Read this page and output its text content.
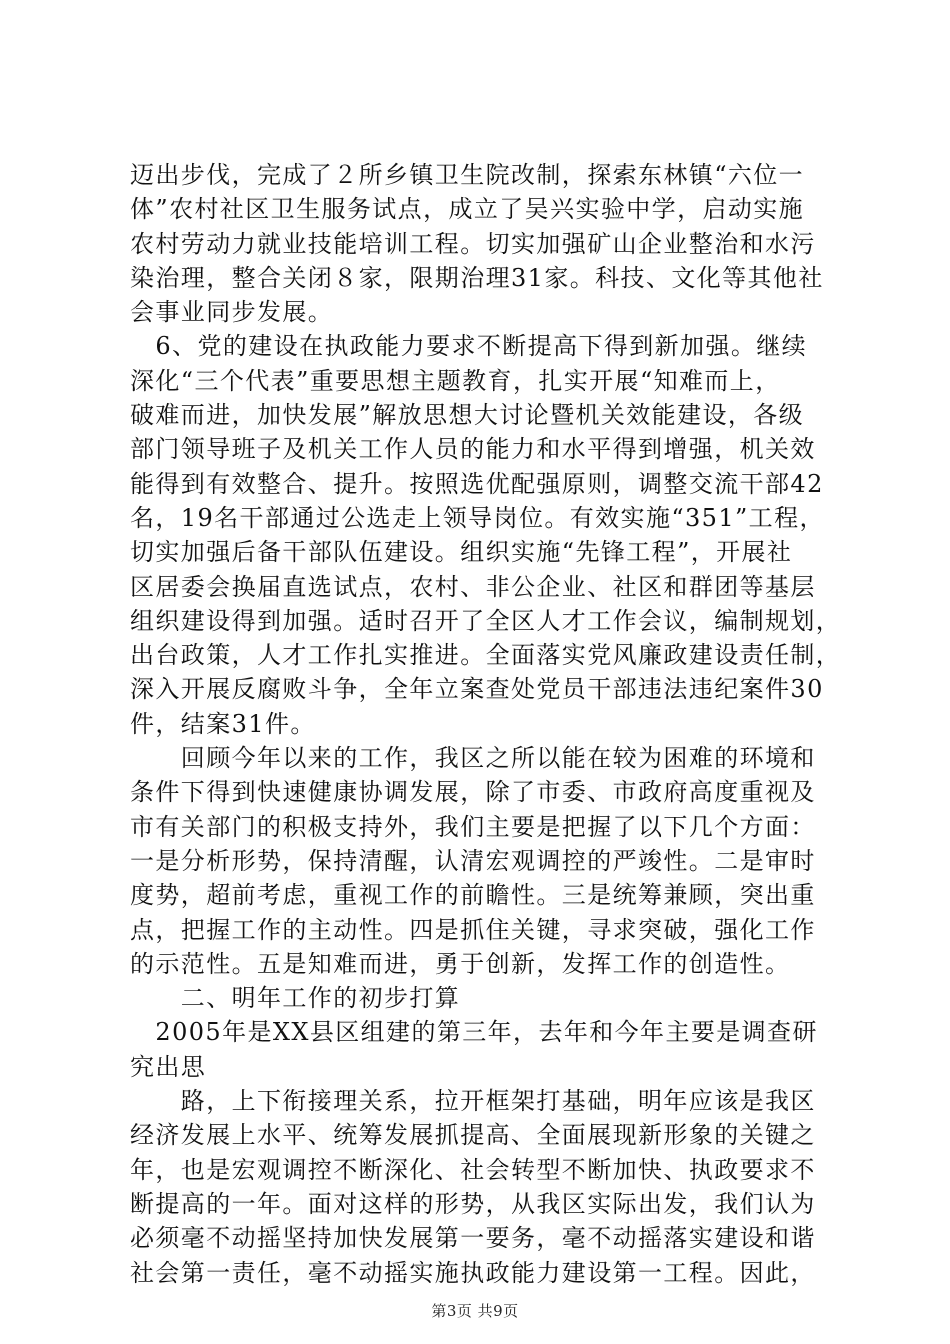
迈出步伐，完成了２所乡镇卫生院改制，探索东林镇“六位一
体”农村社区卫生服务试点，成立了吴兴实验中学，启动实施
农村劳动力就业技能培训工程。切实加强矿山企业整治和水污
染治理，整合关闭８家，限期治理31家。科技、文化等其他社
会事业同步发展。
　6、党的建设在执政能力要求不断提高下得到新加强。继续
深化“三个代表”重要思想主题教育，扎实开展“知难而上，
破难而进，加快发展”解放思想大讨论暨机关效能建设，各级
部门领导班子及机关工作人员的能力和水平得到增强，机关效
能得到有效整合、提升。按照选优配强原则，调整交流干部42
名，19名干部通过公选走上领导岗位。有效实施“351”工程，
切实加强后备干部队伍建设。组织实施“先锋工程”，开展社
区居委会换届直选试点，农村、非公企业、社区和群团等基层
组织建设得到加强。适时召开了全区人才工作会议，编制规划，
出台政策，人才工作扎实推进。全面落实党风廉政建设责任制，
深入开展反腐败斗争，全年立案查处党员干部违法违纪案件30
件，结案31件。
　　回顾今年以来的工作，我区之所以能在较为困难的环境和
条件下得到快速健康协调发展，除了市委、市政府高度重视及
市有关部门的积极支持外，我们主要是把握了以下几个方面：
一是分析形势，保持清醒，认清宏观调控的严竣性。二是审时
度势，超前考虑，重视工作的前瞻性。三是统筹兼顾，突出重
点，把握工作的主动性。四是抓住关键，寻求突破，强化工作
的示范性。五是知难而进，勇于创新，发挥工作的创造性。
　　二、明年工作的初步打算
　2005年是XX县区组建的第三年，去年和今年主要是调查研
究出思
　　路，上下衔接理关系，拉开框架打基础，明年应该是我区
经济发展上水平、统筹发展抓提高、全面展现新形象的关键之
年，也是宏观调控不断深化、社会转型不断加快、执政要求不
断提高的一年。面对这样的形势，从我区实际出发，我们认为
必须毫不动摇坚持加快发展第一要务，毫不动摇落实建设和谐
社会第一责任，毫不动摇实施执政能力建设第一工程。因此，
第3页 共9页
